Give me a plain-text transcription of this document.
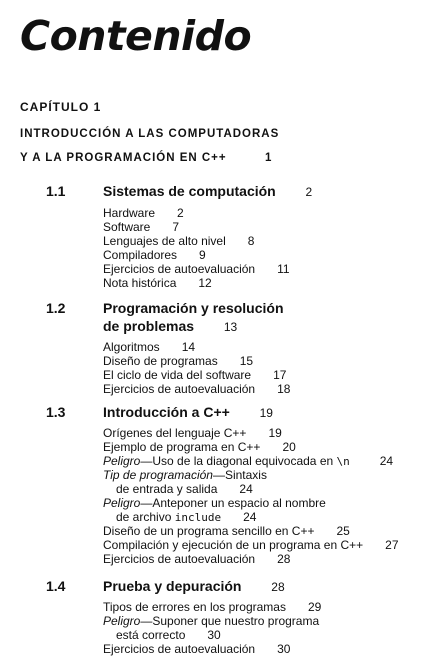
Contenido
CAPÍTULO 1
INTRODUCCIÓN A LAS COMPUTADORAS
Y A LA PROGRAMACIÓN EN C++	1
1.1	Sistemas de computación 2
Hardware 2
Software 7
Lenguajes de alto nivel 8
Compiladores 9
Ejercicios de autoevaluación 11
Nota histórica 12
1.2	Programación y resolución
de problemas 13
Algoritmos 14
Diseño de programas 15
El ciclo de vida del software 17
Ejercicios de autoevaluación 18
1.3	Introducción a C++ 19
Orígenes del lenguaje C++ 19
Ejemplo de programa en C++ 20
Peligro—Uso de la diagonal equivocada en \n	24
Tip de programación—Sintaxis
de entrada y salida 24
Peligro—Anteponer un espacio al nombre
de archivo include 24
Diseño de un programa sencillo en C++ 25
Compilación y ejecución de un programa en C++ 27
Ejercicios de autoevaluación 28
1.4	Prueba y depuración 28
Tipos de errores en los programas 29
Peligro—Suponer que nuestro programa
está correcto 30
Ejercicios de autoevaluación 30
